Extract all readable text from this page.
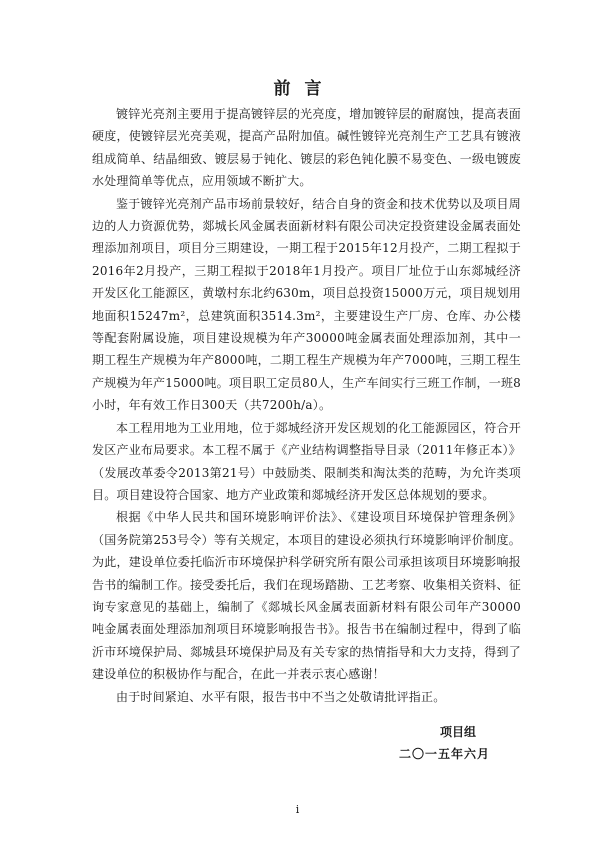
前言

镀锌光亮剂主要用于提高镀锌层的光亮度，增加镀锌层的耐腐蚀，提高表面硬度，使镀锌层光亮美观，提高产品附加值。碱性镀锌光亮剂生产工艺具有镀液组成简单、结晶细致、镀层易于钝化、镀层的彩色钝化膜不易变色、一级电镀废水处理简单等优点，应用领域不断扩大。

鉴于镀锌光亮剂产品市场前景较好，结合自身的资金和技术优势以及项目周边的人力资源优势，郯城长风金属表面新材料有限公司决定投资建设金属表面处理添加剂项目，项目分三期建设，一期工程于2015年12月投产，二期工程拟于2016年2月投产，三期工程拟于2018年1月投产。项目厂址位于山东郯城经济开发区化工能源区，黄墩村东北约630m，项目总投资15000万元，项目规划用地面积15247m²，总建筑面积3514.3m²，主要建设生产厂房、仓库、办公楼等配套附属设施，项目建设规模为年产30000吨金属表面处理添加剂，其中一期工程生产规模为年产8000吨，二期工程生产规模为年产7000吨，三期工程生产规模为年产15000吨。项目职工定员80人，生产车间实行三班工作制，一班8小时，年有效工作日300天（共7200h/a）。

本工程用地为工业用地，位于郯城经济开发区规划的化工能源园区，符合开发区产业布局要求。本工程不属于《产业结构调整指导目录（2011年修正本）》（发展改革委令2013第21号）中鼓励类、限制类和淘汰类的范畴，为允许类项目。项目建设符合国家、地方产业政策和郯城经济开发区总体规划的要求。

根据《中华人民共和国环境影响评价法》、《建设项目环境保护管理条例》（国务院第253号令）等有关规定，本项目的建设必须执行环境影响评价制度。为此，建设单位委托临沂市环境保护科学研究所有限公司承担该项目环境影响报告书的编制工作。接受委托后，我们在现场踏勘、工艺考察、收集相关资料、征询专家意见的基础上，编制了《郯城长风金属表面新材料有限公司年产30000吨金属表面处理添加剂项目环境影响报告书》。报告书在编制过程中，得到了临沂市环境保护局、郯城县环境保护局及有关专家的热情指导和大力支持，得到了建设单位的积极协作与配合，在此一并表示衷心感谢！

由于时间紧迫、水平有限，报告书中不当之处敬请批评指正。

项目组

二〇一五年六月

i
